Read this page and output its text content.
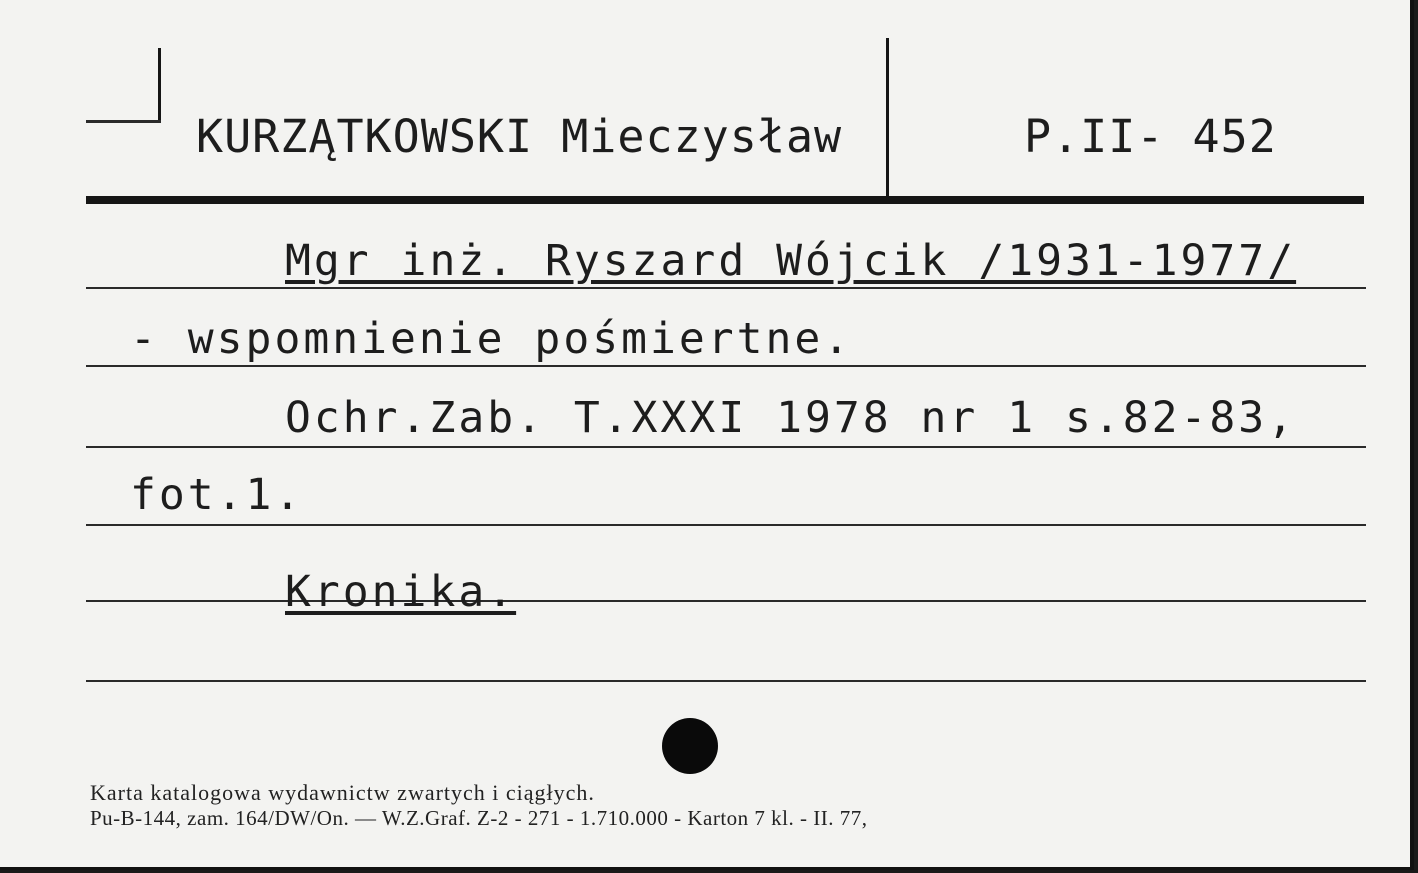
KURZĄTKOWSKI Mieczysław	P.II- 452
Mgr inż. Ryszard Wójcik /1931-1977/
- wspomnienie pośmiertne.
Ochr.Zab. T.XXXI 1978 nr 1 s.82-83,
fot.1.
Kronika.
Karta katalogowa wydawnictw zwartych i ciągłych.
Pu-B-144, zam. 164/DW/On. — W.Z.Graf. Z-2 - 271 - 1.710.000 - Karton 7 kl. - II. 77,
